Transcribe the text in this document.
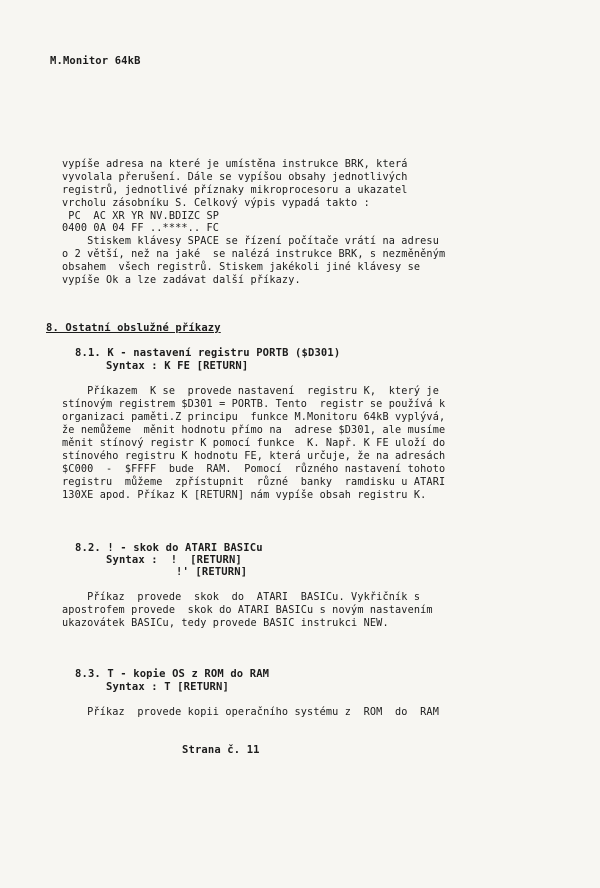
M.Monitor 64kB
vypíše adresa na které je umístěna instrukce BRK, která
vyvolala přerušení. Dále se vypíšou obsahy jednotlivých
registrů, jednotlivé příznaky mikroprocesoru a ukazatel
vrcholu zásobníku S. Celkový výpis vypadá takto :
PC  AC XR YR NV.BDIZC SP
0400 0A 04 FF ..****.. FC
Stiskem klávesy SPACE se řízení počítače vrátí na adresu
o 2 větší, než na jaké  se nalézá instrukce BRK, s nezměněným
obsahem  všech registrů. Stiskem jakékoli jiné klávesy se
vypíše Ok a lze zadávat další příkazy.
8. Ostatní obslužné příkazy
8.1. K - nastavení registru PORTB ($D301)
Syntax : K FE [RETURN]
Příkazem  K se  provede nastavení  registru K,  který je
stínovým registrem $D301 = PORTB. Tento  registr se používá k
organizaci paměti.Z principu  funkce M.Monitoru 64kB vyplývá,
že nemůžeme  měnit hodnotu přímo na  adrese $D301, ale musíme
měnit stínový registr K pomocí funkce  K. Např. K FE uloží do
stínového registru K hodnotu FE, která určuje, že na adresách
$C000  -  $FFFF  bude  RAM.  Pomocí  různého nastavení tohoto
registru  můžeme  zpřístupnit  různé  banky  ramdisku u ATARI
130XE apod. Příkaz K [RETURN] nám vypíše obsah registru K.
8.2. ! - skok do ATARI BASICu
Syntax :  !  [RETURN]
!' [RETURN]
Příkaz  provede  skok  do  ATARI  BASICu. Vykřičník s
apostrofem provede  skok do ATARI BASICu s novým nastavením
ukazovátek BASICu, tedy provede BASIC instrukci NEW.
8.3. T - kopie OS z ROM do RAM
Syntax : T [RETURN]
Příkaz  provede kopii operačního systému z  ROM  do  RAM
Strana č. 11
